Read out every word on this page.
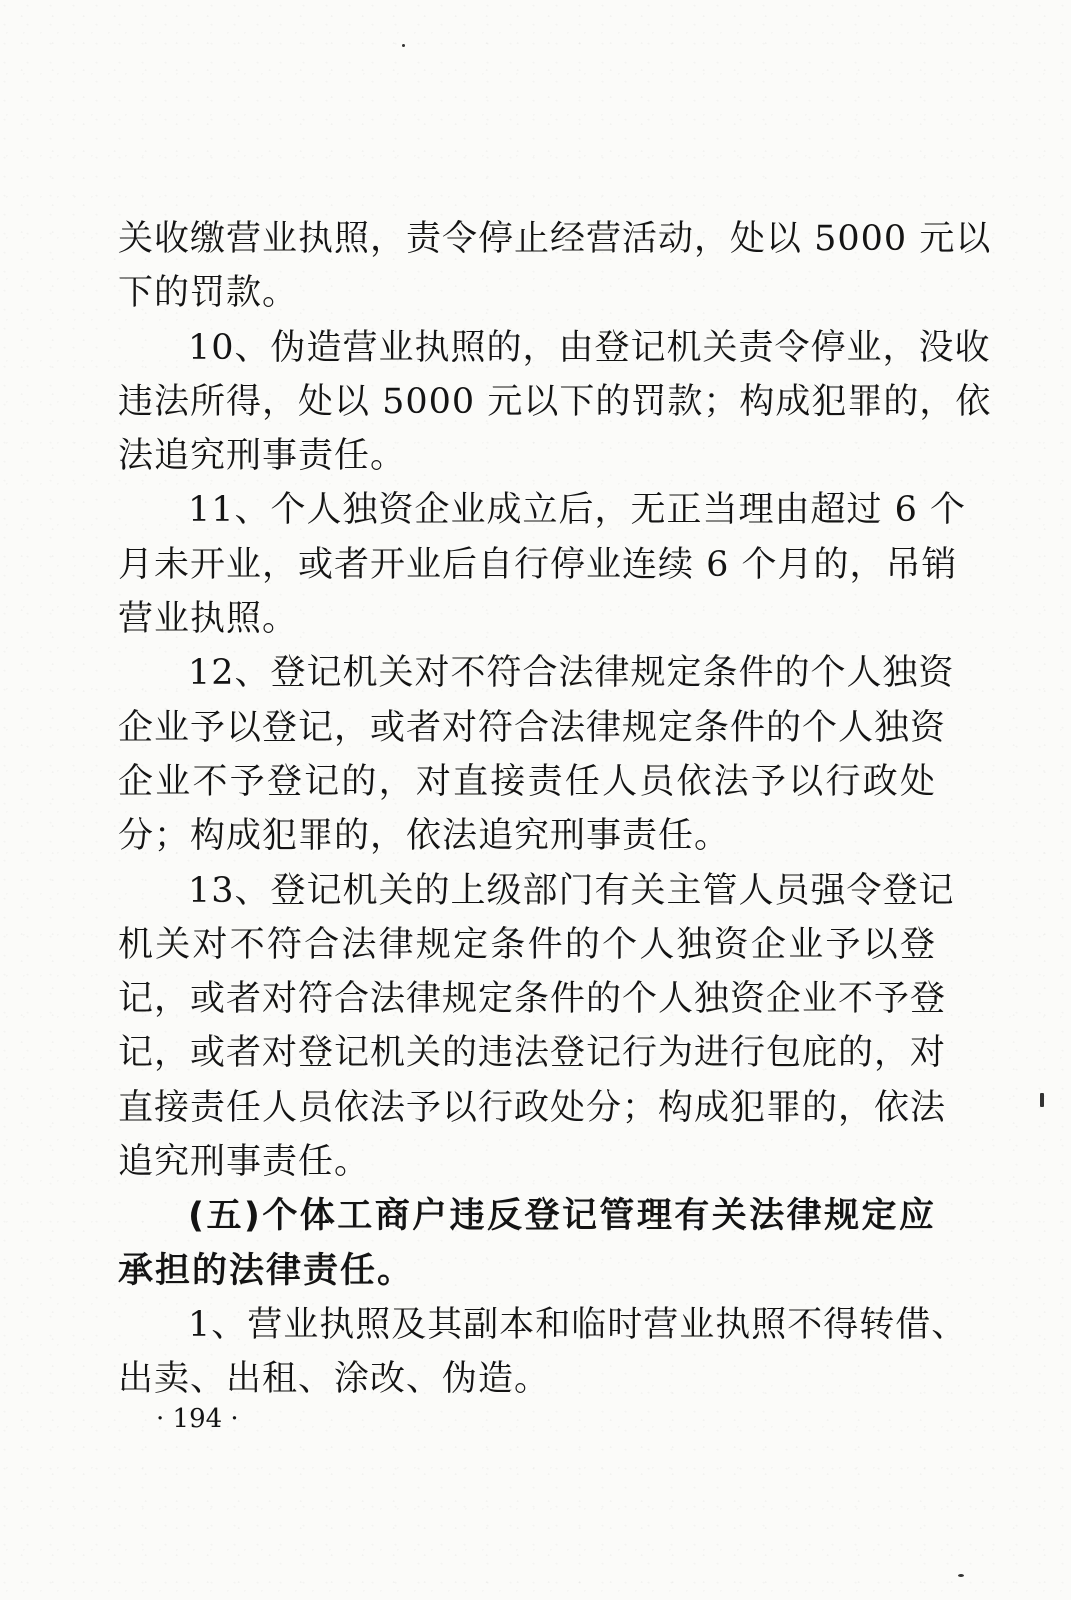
关收缴营业执照，责令停止经营活动，处以 5000 元以
下的罚款。
10、伪造营业执照的，由登记机关责令停业，没收
违法所得，处以 5000 元以下的罚款；构成犯罪的，依
法追究刑事责任。
11、个人独资企业成立后，无正当理由超过 6 个
月未开业，或者开业后自行停业连续 6 个月的，吊销
营业执照。
12、登记机关对不符合法律规定条件的个人独资
企业予以登记，或者对符合法律规定条件的个人独资
企业不予登记的，对直接责任人员依法予以行政处
分；构成犯罪的，依法追究刑事责任。
13、登记机关的上级部门有关主管人员强令登记
机关对不符合法律规定条件的个人独资企业予以登
记，或者对符合法律规定条件的个人独资企业不予登
记，或者对登记机关的违法登记行为进行包庇的，对
直接责任人员依法予以行政处分；构成犯罪的，依法
追究刑事责任。
(五)个体工商户违反登记管理有关法律规定应
承担的法律责任。
1、营业执照及其副本和临时营业执照不得转借、
出卖、出租、涂改、伪造。
· 194 ·
